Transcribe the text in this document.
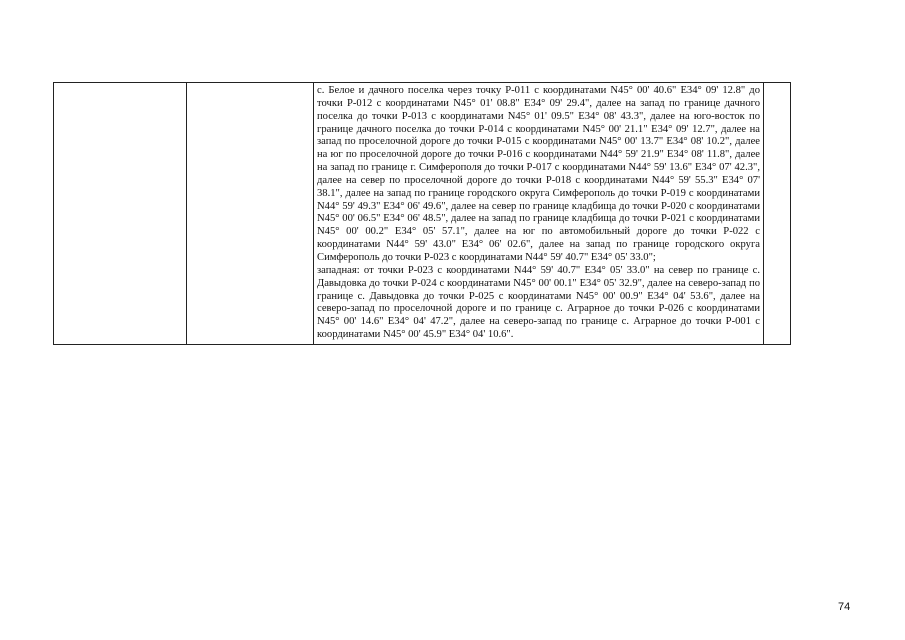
с. Белое и дачного поселка через точку Р-011 с координатами N45° 00' 40.6" E34° 09' 12.8" до точки Р-012 с координатами N45° 01' 08.8" E34° 09' 29.4", далее на запад по границе дачного поселка до точки Р-013 с координатами N45° 01' 09.5" E34° 08' 43.3", далее на юго-восток по границе дачного поселка до точки Р-014 с координатами N45° 00' 21.1" E34° 09' 12.7", далее на запад по проселочной дороге до точки Р-015 с координатами N45° 00' 13.7" E34° 08' 10.2", далее на юг по проселочной дороге до точки Р-016 с координатами N44° 59' 21.9" E34° 08' 11.8", далее на запад по границе г. Симферополя до точки Р-017 с координатами N44° 59' 13.6" E34° 07' 42.3", далее на север по проселочной дороге до точки Р-018 с координатами N44° 59' 55.3" E34° 07' 38.1", далее на запад по границе городского округа Симферополь до точки Р-019 с координатами N44° 59' 49.3" E34° 06' 49.6", далее на север по границе кладбища до точки Р-020 с координатами N45° 00' 06.5" E34° 06' 48.5", далее на запад по границе кладбища до точки Р-021 с координатами N45° 00' 00.2" E34° 05' 57.1", далее на юг по автомобильный дороге до точки Р-022 с координатами N44° 59' 43.0" E34° 06' 02.6", далее на запад по границе городского округа Симферополь до точки Р-023 с координатами N44° 59' 40.7" E34° 05' 33.0";

западная: от точки Р-023 с координатами N44° 59' 40.7" E34° 05' 33.0" на север по границе с. Давыдовка до точки Р-024 с координатами N45° 00' 00.1" E34° 05' 32.9", далее на северо-запад по границе с. Давыдовка до точки Р-025 с координатами N45° 00' 00.9" E34° 04' 53.6", далее на северо-запад по проселочной дороге и по границе с. Аграрное до точки Р-026 с координатами N45° 00' 14.6" E34° 04' 47.2", далее на северо-запад по границе с. Аграрное до точки Р-001 с координатами N45° 00' 45.9" E34° 04' 10.6".

74
